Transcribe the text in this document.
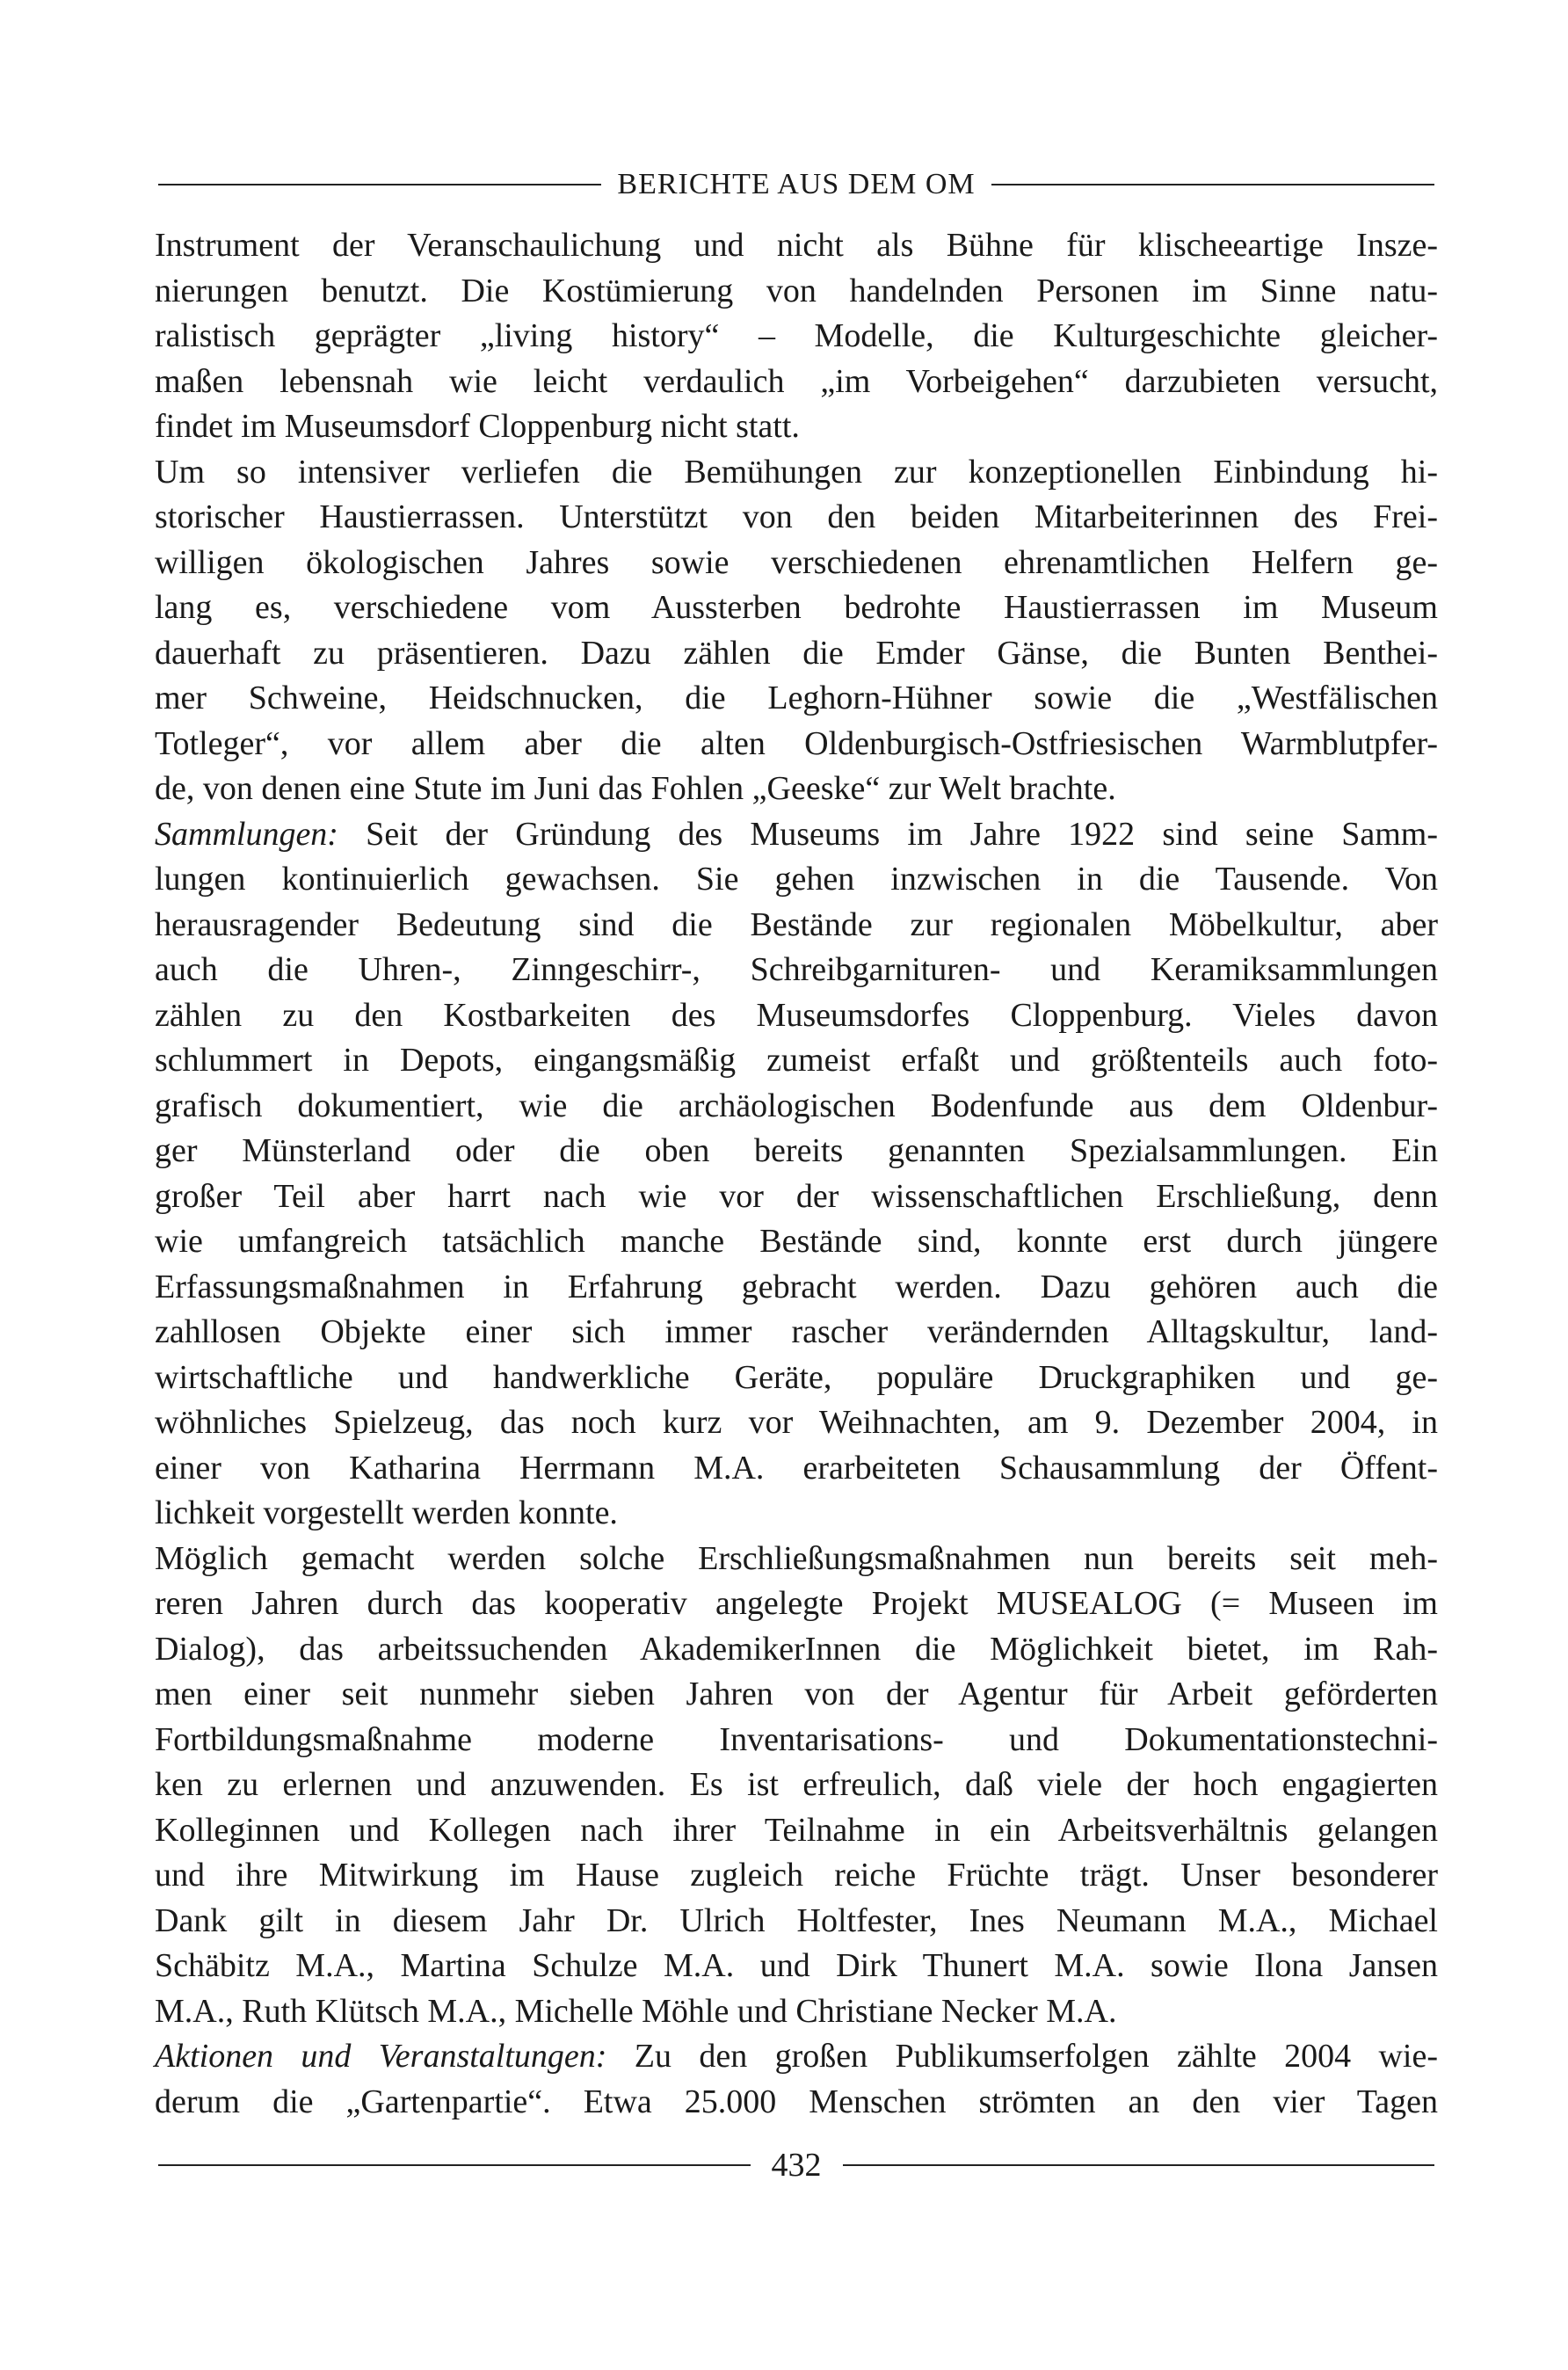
BERICHTE AUS DEM OM
Instrument der Veranschaulichung und nicht als Bühne für klischeeartige Insze-
nierungen benutzt. Die Kostümierung von handelnden Personen im Sinne natu-
ralistisch geprägter „living history“ – Modelle, die Kulturgeschichte gleicher-
maßen lebensnah wie leicht verdaulich „im Vorbeigehen“ darzubieten versucht,
findet im Museumsdorf Cloppenburg nicht statt.
Um so intensiver verliefen die Bemühungen zur konzeptionellen Einbindung hi-
storischer Haustierrassen. Unterstützt von den beiden Mitarbeiterinnen des Frei-
willigen ökologischen Jahres sowie verschiedenen ehrenamtlichen Helfern ge-
lang es, verschiedene vom Aussterben bedrohte Haustierrassen im Museum
dauerhaft zu präsentieren. Dazu zählen die Emder Gänse, die Bunten Benthei-
mer Schweine, Heidschnucken, die Leghorn-Hühner sowie die „Westfälischen
Totleger“, vor allem aber die alten Oldenburgisch-Ostfriesischen Warmblutpfer-
de, von denen eine Stute im Juni das Fohlen „Geeske“ zur Welt brachte.
Sammlungen: Seit der Gründung des Museums im Jahre 1922 sind seine Samm-
lungen kontinuierlich gewachsen. Sie gehen inzwischen in die Tausende. Von
herausragender Bedeutung sind die Bestände zur regionalen Möbelkultur, aber
auch die Uhren-, Zinngeschirr-, Schreibgarnituren- und Keramiksammlungen
zählen zu den Kostbarkeiten des Museumsdorfes Cloppenburg. Vieles davon
schlummert in Depots, eingangsmäßig zumeist erfaßt und größtenteils auch foto-
grafisch dokumentiert, wie die archäologischen Bodenfunde aus dem Oldenbur-
ger Münsterland oder die oben bereits genannten Spezialsammlungen. Ein
großer Teil aber harrt nach wie vor der wissenschaftlichen Erschließung, denn
wie umfangreich tatsächlich manche Bestände sind, konnte erst durch jüngere
Erfassungsmaßnahmen in Erfahrung gebracht werden. Dazu gehören auch die
zahllosen Objekte einer sich immer rascher verändernden Alltagskultur, land-
wirtschaftliche und handwerkliche Geräte, populäre Druckgraphiken und ge-
wöhnliches Spielzeug, das noch kurz vor Weihnachten, am 9. Dezember 2004, in
einer von Katharina Herrmann M.A. erarbeiteten Schausammlung der Öffent-
lichkeit vorgestellt werden konnte.
Möglich gemacht werden solche Erschließungsmaßnahmen nun bereits seit meh-
reren Jahren durch das kooperativ angelegte Projekt MUSEALOG (= Museen im
Dialog), das arbeitssuchenden AkademikerInnen die Möglichkeit bietet, im Rah-
men einer seit nunmehr sieben Jahren von der Agentur für Arbeit geförderten
Fortbildungsmaßnahme moderne Inventarisations- und Dokumentationstechni-
ken zu erlernen und anzuwenden. Es ist erfreulich, daß viele der hoch engagierten
Kolleginnen und Kollegen nach ihrer Teilnahme in ein Arbeitsverhältnis gelangen
und ihre Mitwirkung im Hause zugleich reiche Früchte trägt. Unser besonderer
Dank gilt in diesem Jahr Dr. Ulrich Holtfester, Ines Neumann M.A., Michael
Schäbitz M.A., Martina Schulze M.A. und Dirk Thunert M.A. sowie Ilona Jansen
M.A., Ruth Klütsch M.A., Michelle Möhle und Christiane Necker M.A.
Aktionen und Veranstaltungen: Zu den großen Publikumserfolgen zählte 2004 wie-
derum die „Gartenpartie“. Etwa 25.000 Menschen strömten an den vier Tagen
432
